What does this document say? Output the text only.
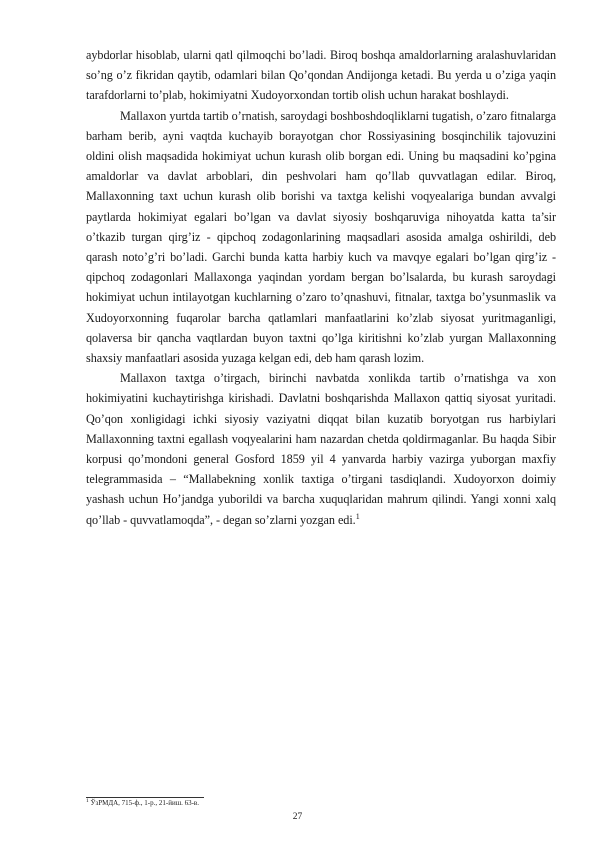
aybdorlar hisoblab, ularni qatl qilmoqchi bo’ladi. Biroq boshqa amaldorlarning aralashuvlaridan so’ng o’z fikridan qaytib, odamlari bilan Qo’qondan Andijonga ketadi. Bu yerda u o’ziga yaqin tarafdorlarni to’plab, hokimiyatni Xudoyorxondan tortib olish uchun harakat boshlaydi.

Mallaxon yurtda tartib o’rnatish, saroydagi boshboshdoqliklarni tugatish, o’zaro fitnalarga barham berib, ayni vaqtda kuchayib borayotgan chor Rossiyasining bosqinchilik tajovuzini oldini olish maqsadida hokimiyat uchun kurash olib borgan edi. Uning bu maqsadini ko’pgina amaldorlar va davlat arboblari, din peshvolari ham qo’llab quvvatlagan edilar. Biroq, Mallaxonning taxt uchun kurash olib borishi va taxtga kelishi voqyealariga bundan avvalgi paytlarda hokimiyat egalari bo’lgan va davlat siyosiy boshqaruviga nihoyatda katta ta’sir o’tkazib turgan qirg’iz - qipchoq zodagonlarining maqsadlari asosida amalga oshirildi, deb qarash noto’g’ri bo’ladi. Garchi bunda katta harbiy kuch va mavqye egalari bo’lgan qirg’iz - qipchoq zodagonlari Mallaxonga yaqindan yordam bergan bo’lsalarda, bu kurash saroydagi hokimiyat uchun intilayotgan kuchlarning o’zaro to’qnashuvi, fitnalar, taxtga bo’ysunmaslik va Xudoyorxonning fuqarolar barcha qatlamlari manfaatlarini ko’zlab siyosat yuritmaganligi, qolaversa bir qancha vaqtlardan buyon taxtni qo’lga kiritishni ko’zlab yurgan Mallaxonning shaxsiy manfaatlari asosida yuzaga kelgan edi, deb ham qarash lozim.

Mallaxon taxtga o’tirgach, birinchi navbatda xonlikda tartib o’rnatishga va xon hokimiyatini kuchaytirishga kirishadi. Davlatni boshqarishda Mallaxon qattiq siyosat yuritadi. Qo’qon xonligidagi ichki siyosiy vaziyatni diqqat bilan kuzatib boryotgan rus harbiylari Mallaxonning taxtni egallash voqyealarini ham nazardan chetda qoldirmaganlar. Bu haqda Sibir korpusi qo’mondoni general Gosford 1859 yil 4 yanvarda harbiy vazirga yuborgan maxfiy telegrammasida – “Mallabekning xonlik taxtiga o’tirgani tasdiqlandi. Xudoyorxon doimiy yashash uchun Ho’jandga yuborildi va barcha xuquqlaridan mahrum qilindi. Yangi xonni xalq qo’llab - quvvatlamoqda”, - degan so’zlarni yozgan edi.$^1$

$^1$ ЎзРМДА, 715-ф., 1-р., 21-йиш. 63-в.
27
